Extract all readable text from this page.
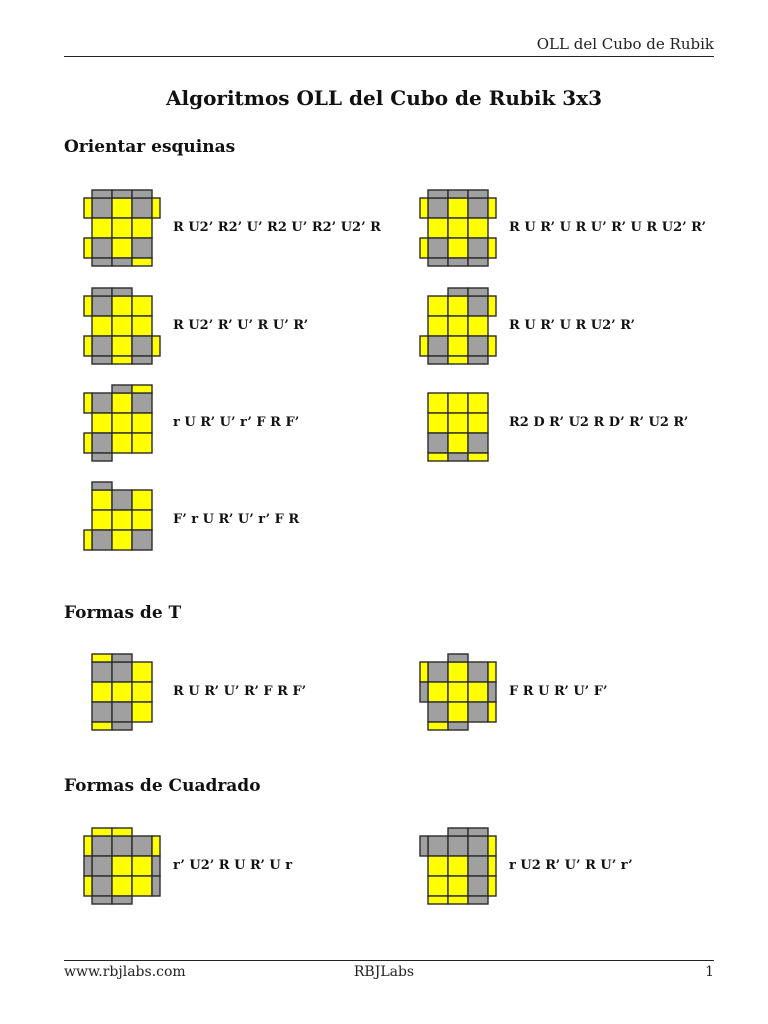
OLL del Cubo de Rubik
Algoritmos OLL del Cubo de Rubik 3x3
Orientar esquinas
Formas de T
Formas de Cuadrado
R U2’ R2’ U’ R2 U’ R2’ U2’ R	R U R’ U R U’ R’ U R U2’ R’
R U2’ R’ U’ R U’ R’	R U R’ U R U2’ R’
r U R’ U’ r’ F R F’	R2 D R’ U2 R D’ R’ U2 R’
F’ r U R’ U’ r’ F R
R U R’ U’ R’ F R F’	F R U R’ U’ F’
r’ U2’ R U R’ U r	r U2 R’ U’ R U’ r’
www.rbjlabs.com	RBJLabs	1
